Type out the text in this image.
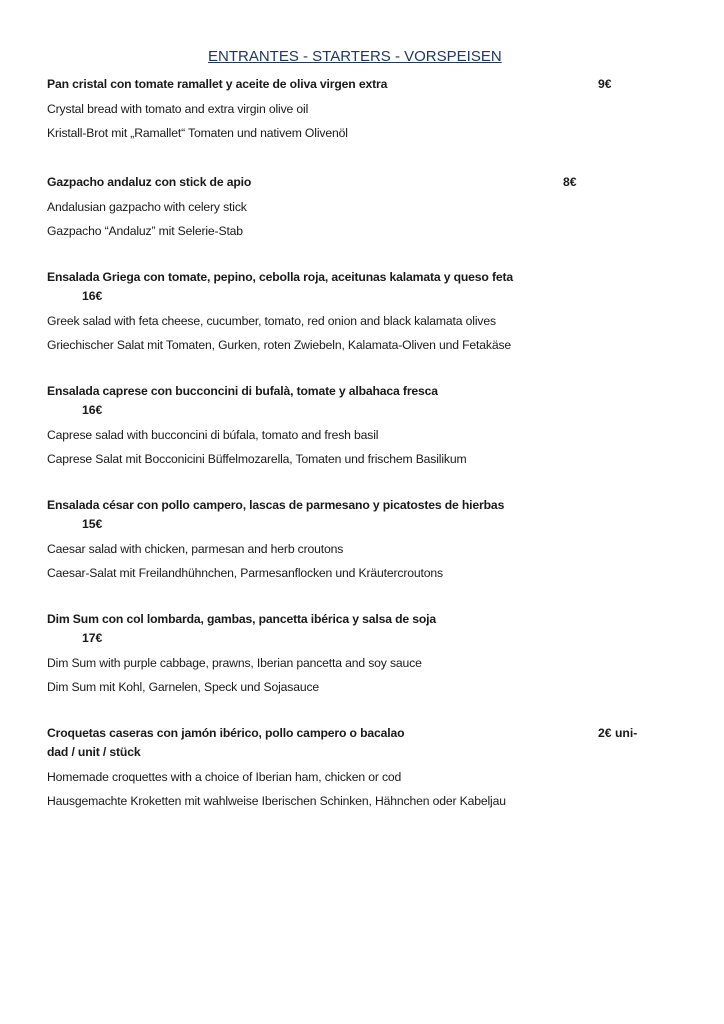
ENTRANTES - STARTERS - VORSPEISEN
Pan cristal con tomate ramallet y aceite de oliva virgen extra	9€
Crystal bread with tomato and extra virgin olive oil
Kristall-Brot mit „Ramallet“ Tomaten und nativem Olivenöl
Gazpacho andaluz con stick de apio	8€
Andalusian gazpacho with celery stick
Gazpacho “Andaluz” mit Selerie-Stab
Ensalada Griega con tomate, pepino, cebolla roja, aceitunas kalamata y queso feta
16€
Greek salad with feta cheese, cucumber, tomato, red onion and black kalamata olives
Griechischer Salat mit Tomaten, Gurken, roten Zwiebeln, Kalamata-Oliven und Fetakäse
Ensalada caprese con bucconcini di bufalà, tomate y albahaca fresca
16€
Caprese salad with bucconcini di búfala, tomato and fresh basil
Caprese Salat mit Bocconicini Büffelmozarella, Tomaten und frischem Basilikum
Ensalada césar con pollo campero, lascas de parmesano y picatostes de hierbas
15€
Caesar salad with chicken, parmesan and herb croutons
Caesar-Salat mit Freilandhühnchen, Parmesanflocken und Kräutercroutons
Dim Sum con col lombarda, gambas, pancetta ibérica y salsa de soja
17€
Dim Sum with purple cabbage, prawns, Iberian pancetta and soy sauce
Dim Sum mit Kohl, Garnelen, Speck und Sojasauce
Croquetas caseras con jamón ibérico, pollo campero o bacalao	2€ uni-
dad / unit / stück
Homemade croquettes with a choice of Iberian ham, chicken or cod
Hausgemachte Kroketten mit wahlweise Iberischen Schinken, Hähnchen oder Kabeljau
